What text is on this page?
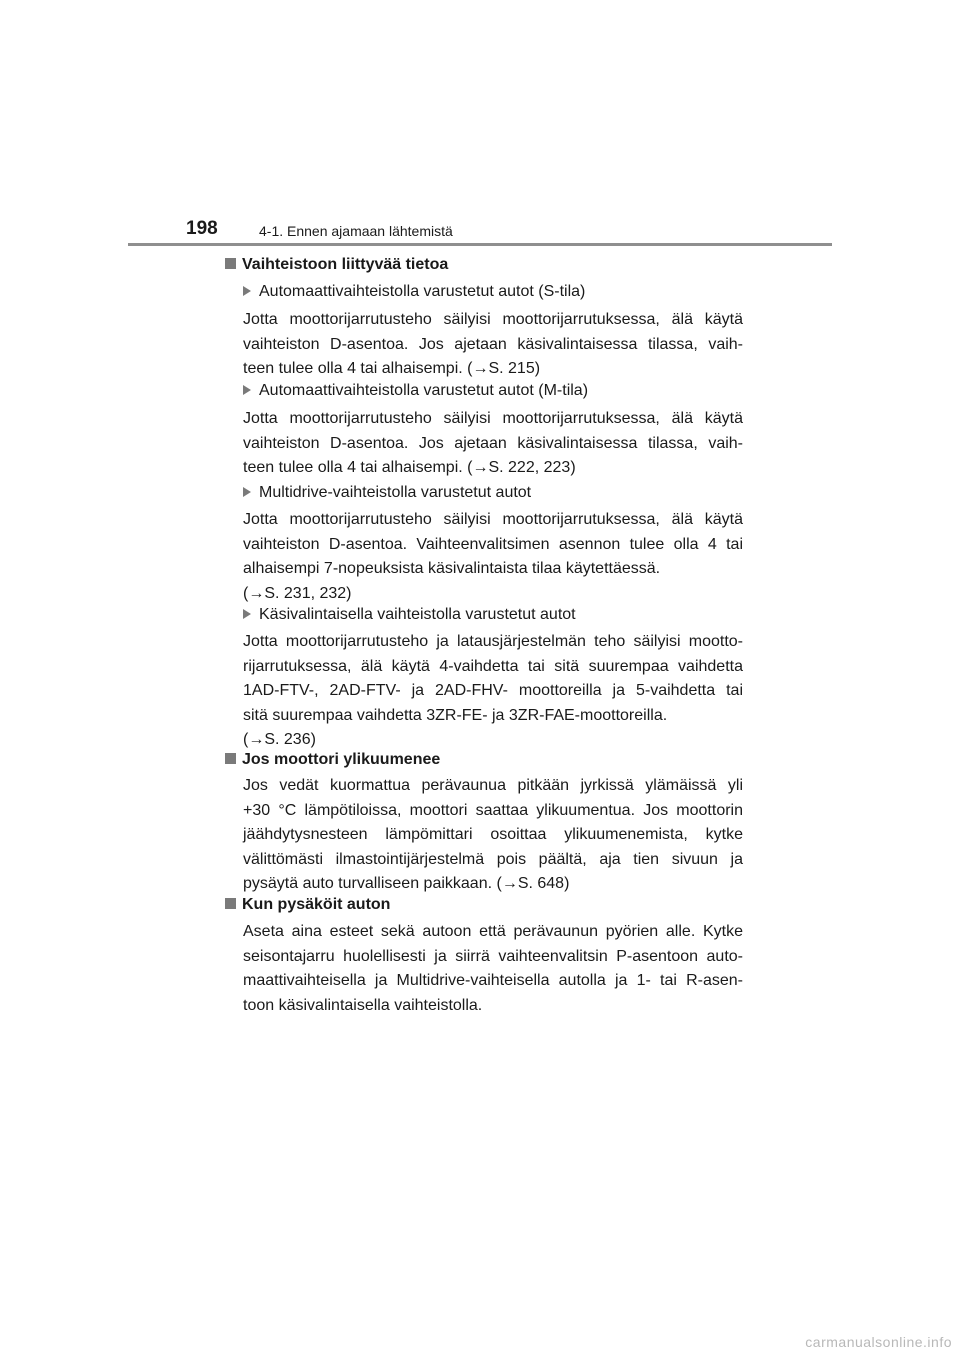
198	4-1. Ennen ajamaan lähtemistä
Vaihteistoon liittyvää tietoa
Automaattivaihteistolla varustetut autot (S-tila)
Jotta moottorijarrutusteho säilyisi moottorijarrutuksessa, älä käytä
vaihteiston D-asentoa. Jos ajetaan käsivalintaisessa tilassa, vaih-
teen tulee olla 4 tai alhaisempi. (→S. 215)
Automaattivaihteistolla varustetut autot (M-tila)
Jotta moottorijarrutusteho säilyisi moottorijarrutuksessa, älä käytä
vaihteiston D-asentoa. Jos ajetaan käsivalintaisessa tilassa, vaih-
teen tulee olla 4 tai alhaisempi. (→S. 222, 223)
Multidrive-vaihteistolla varustetut autot
Jotta moottorijarrutusteho säilyisi moottorijarrutuksessa, älä käytä
vaihteiston D-asentoa. Vaihteenvalitsimen asennon tulee olla 4 tai
alhaisempi 7-nopeuksista käsivalintaista tilaa käytettäessä.
(→S. 231, 232)
Käsivalintaisella vaihteistolla varustetut autot
Jotta moottorijarrutusteho ja latausjärjestelmän teho säilyisi mootto-
rijarrutuksessa, älä käytä 4-vaihdetta tai sitä suurempaa vaihdetta
1AD-FTV-, 2AD-FTV- ja 2AD-FHV- moottoreilla ja 5-vaihdetta tai
sitä suurempaa vaihdetta 3ZR-FE- ja 3ZR-FAE-moottoreilla.
(→S. 236)
Jos moottori ylikuumenee
Jos vedät kuormattua perävaunua pitkään jyrkissä ylämäissä yli
+30 °C lämpötiloissa, moottori saattaa ylikuumentua. Jos moottorin
jäähdytysnesteen lämpömittari osoittaa ylikuumenemista, kytke
välittömästi ilmastointijärjestelmä pois päältä, aja tien sivuun ja
pysäytä auto turvalliseen paikkaan. (→S. 648)
Kun pysäköit auton
Aseta aina esteet sekä autoon että perävaunun pyörien alle. Kytke
seisontajarru huolellisesti ja siirrä vaihteenvalitsin P-asentoon auto-
maattivaihteisella ja Multidrive-vaihteisella autolla ja 1- tai R-asen-
toon käsivalintaisella vaihteistolla.
carmanualsonline.info
